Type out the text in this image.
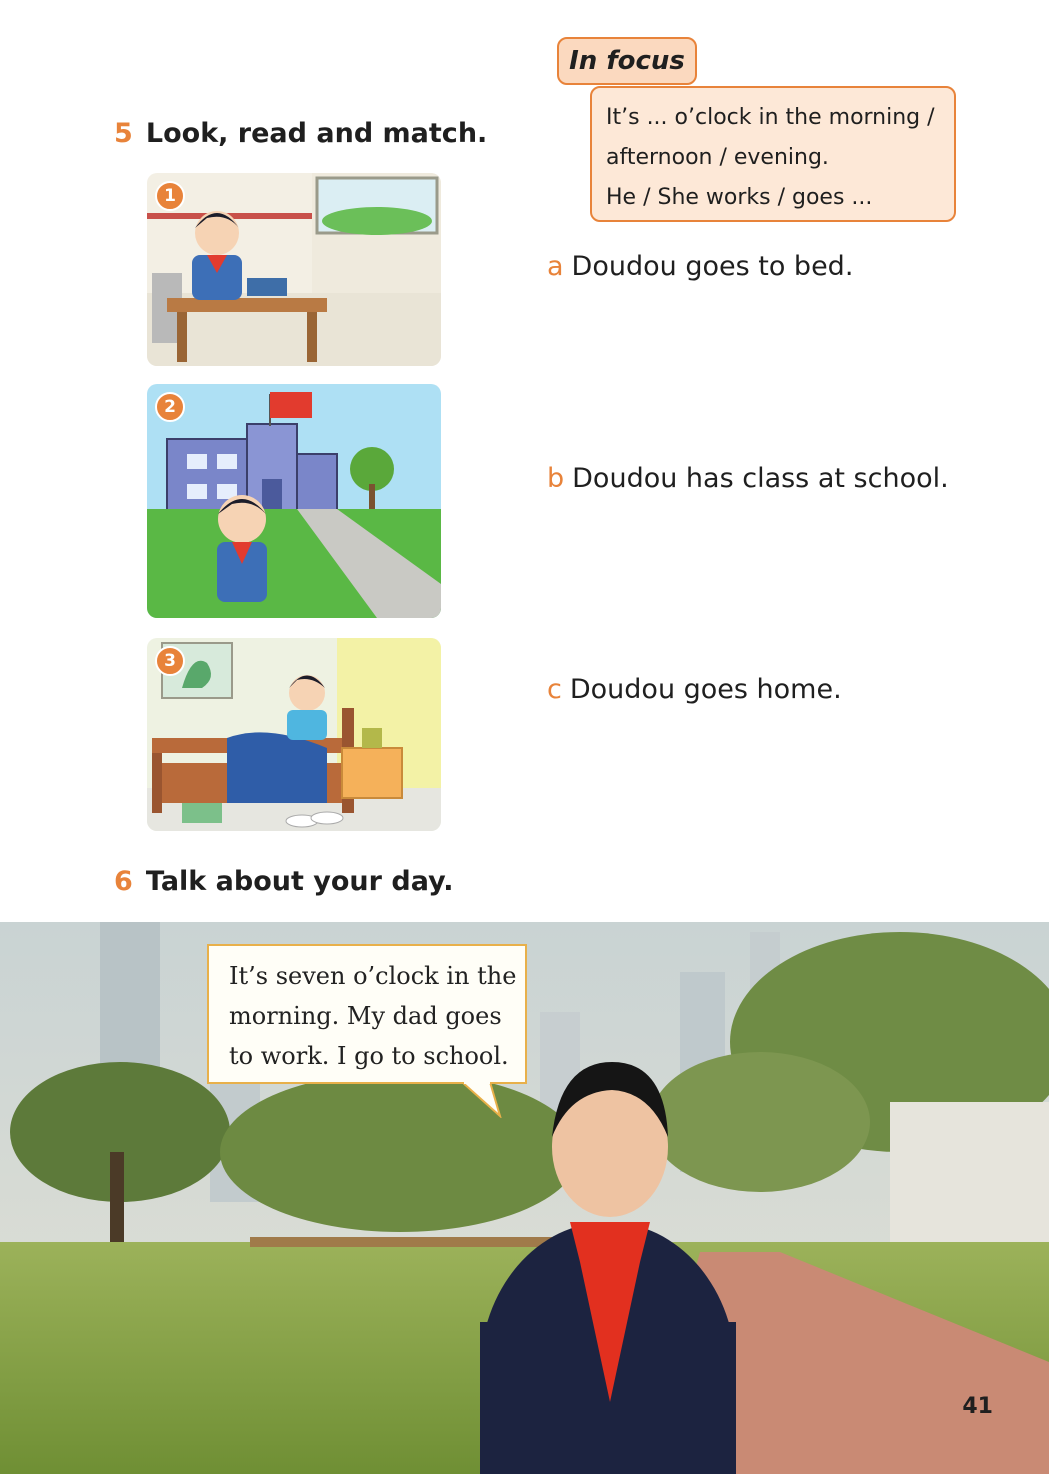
5 Look, read and match.
In focus
It’s ... o’clock in the morning /
afternoon / evening.
He / She works / goes ...
1
2
3
a Doudou goes to bed.
b Doudou has class at school.
c Doudou goes home.
6 Talk about your day.
It’s seven o’clock in the
morning. My dad goes
to work. I go to school.
41
